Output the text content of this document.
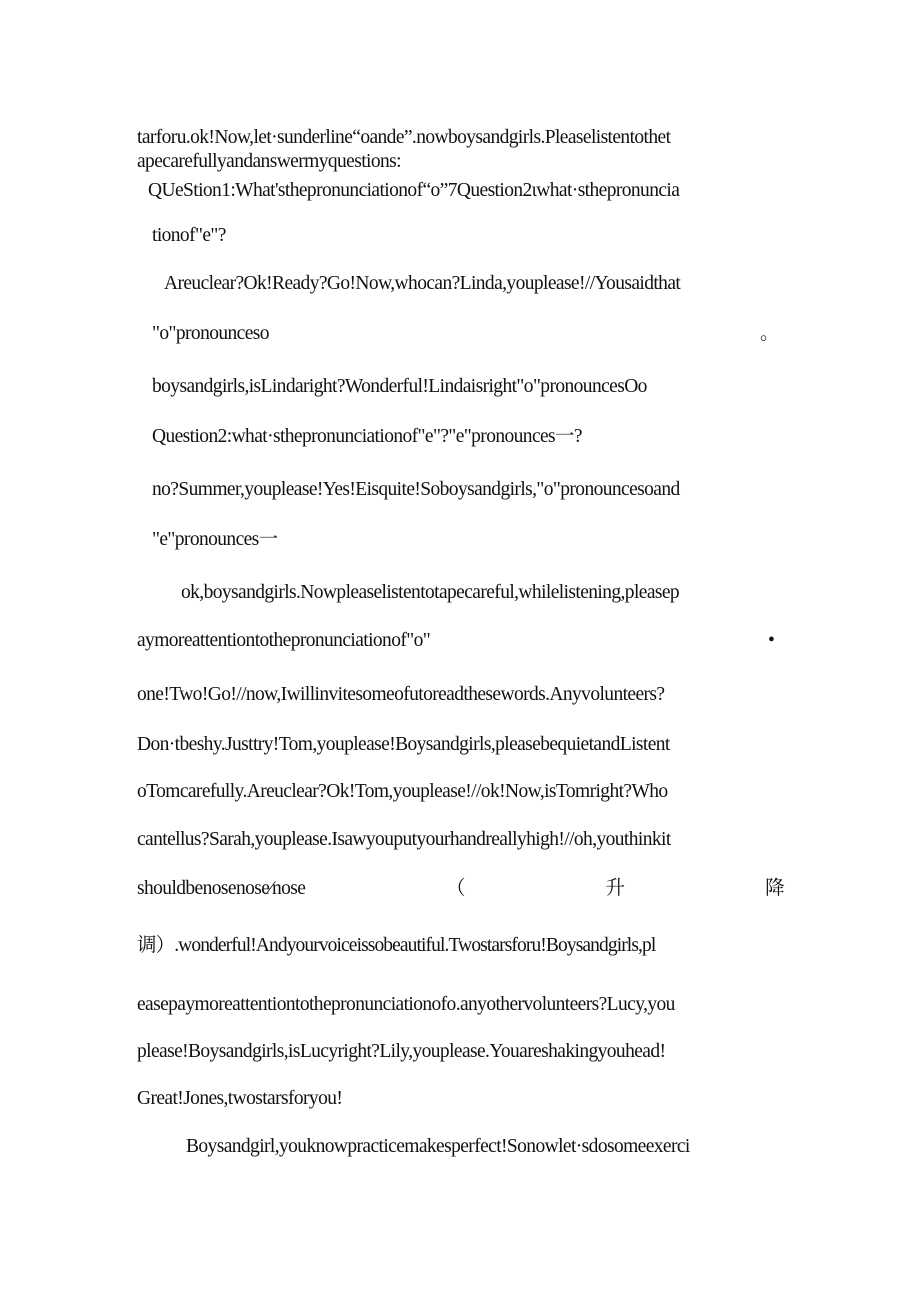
tarforu.ok!Now,let·sunderline“oande”.nowboysandgirls.Pleaselistentothet
apecarefullyandanswermyquestions:
QUeStion1:What'sthepronunciationof“o”7Question2ιwhat·sthepronuncia
tionof"e"?
Areuclear?Ok!Ready?Go!Now,whocan?Linda,youplease!//Yousaidthat
"o"pronounceso	。
boysandgirls,isLindaright?Wonderful!Lindaisright"o"pronouncesOo
Question2:what·sthepronunciationof"e"?"e"pronounces一?
no?Summer,youplease!Yes!Eisquite!Soboysandgirls,"o"pronouncesoand
"e"pronounces一
ok,boysandgirls.Nowpleaselistentotapecareful,whilelistening,pleasep
aymoreattentiontothepronunciationof"o"	•
one!Two!Go!//now,Iwillinvitesomeofutoreadthesewords.Anyvolunteers?
Don·tbeshy.Justtry!Tom,youplease!Boysandgirls,pleasebequietandListent
oTomcarefully.Areuclear?Ok!Tom,youplease!//ok!Now,isTomright?Who
cantellus?Sarah,youplease.Isawyouputyourhandreallyhigh!//oh,youthinkit
shouldbenosenose∕nose	（	升	降
调）.wonderful!Andyourvoiceissobeautiful.Twostarsforu!Boysandgirls,pl
easepaymoreattentiontothepronunciationofo.anyothervolunteers?Lucy,you
please!Boysandgirls,isLucyright?Lily,youplease.Youareshakingyouhead!
Great!Jones,twostarsforyou!
Boysandgirl,youknowpracticemakesperfect!Sonowlet·sdosomeexerci
